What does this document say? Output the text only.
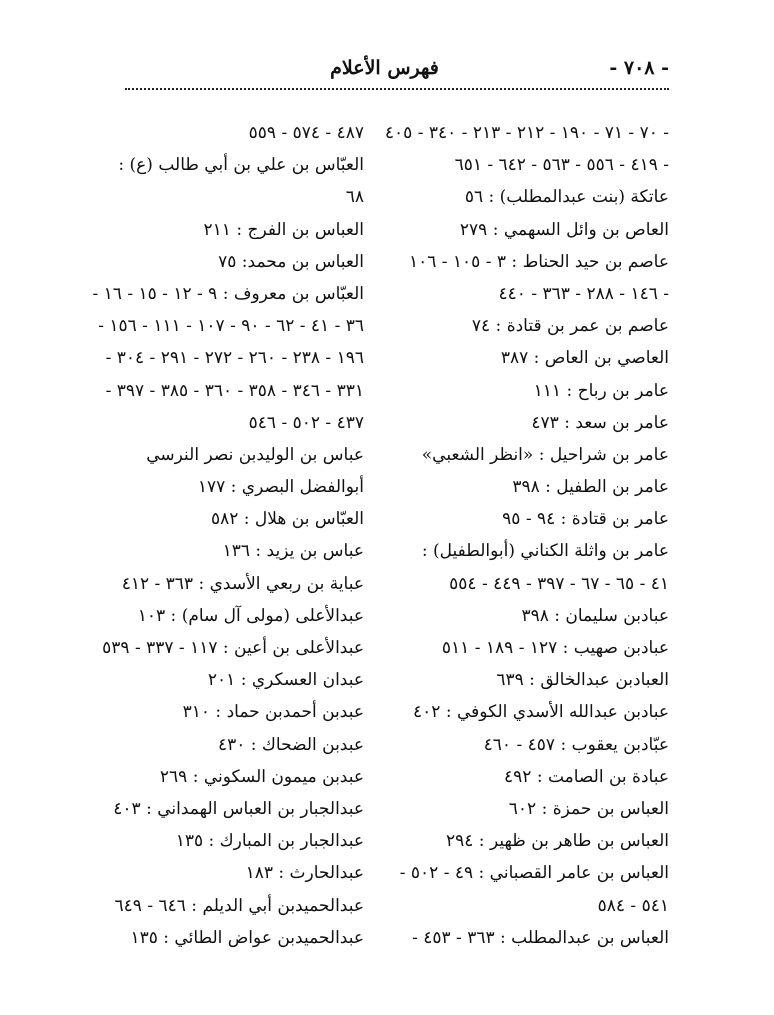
- ٧٠٨ -
فهرس الأعلام
- ٧٠ - ٧١ - ١٩٠ - ٢١٢ - ٢١٣ - ٣٤٠ - ٤٠٥
- ٤١٩ - ٥٥٦ - ٥٦٣ - ٦٤٢ - ٦٥١
عاتكة (بنت عبدالمطلب) : ٥٦
العاص بن وائل السهمي : ٢٧٩
عاصم بن حيد الحناط : ٣ - ١٠٥ - ١٠٦
- ١٤٦ - ٢٨٨ - ٣٦٣ - ٤٤٠
عاصم بن عمر بن قتادة : ٧٤
العاصي بن العاص : ٣٨٧
عامر بن رباح : ١١١
عامر بن سعد : ٤٧٣
عامر بن شراحيل : «انظر الشعبي»
عامر بن الطفيل : ٣٩٨
عامر بن قتادة : ٩٤ - ٩٥
عامر بن واثلة الكناني (أبوالطفيل) :
٤١ - ٦٥ - ٦٧ - ٣٩٧ - ٤٤٩ - ٥٥٤
عبادبن سليمان : ٣٩٨
عبادبن صهيب : ١٢٧ - ١٨٩ - ٥١١
العبادبن عبدالخالق : ٦٣٩
عبادبن عبدالله الأسدي الكوفي : ٤٠٢
عبّادبن يعقوب : ٤٥٧ - ٤٦٠
عبادة بن الصامت : ٤٩٢
العباس بن حمزة : ٦٠٢
العباس بن طاهر بن ظهير : ٢٩٤
العباس بن عامر القصباني : ٤٩ - ٥٠٢ -
٥٤١ - ٥٨٤
العباس بن عبدالمطلب : ٣٦٣ - ٤٥٣ -
٤٨٧ - ٥٧٤ - ٥٥٩
العبّاس بن علي بن أبي طالب (ع) :
٦٨
العباس بن الفرج : ٢١١
العباس بن محمد: ٧٥
العبّاس بن معروف : ٩ - ١٢ - ١٥ - ١٦ -
٣٦ - ٤١ - ٦٢ - ٩٠ - ١٠٧ - ١١١ - ١٥٦ -
١٩٦ - ٢٣٨ - ٢٦٠ - ٢٧٢ - ٢٩١ - ٣٠٤ -
٣٣١ - ٣٤٦ - ٣٥٨ - ٣٦٠ - ٣٨٥ - ٣٩٧ -
٤٣٧ - ٥٠٢ - ٥٤٦
عباس بن الوليدبن نصر النرسي
أبوالفضل البصري : ١٧٧
العبّاس بن هلال : ٥٨٢
عباس بن يزيد : ١٣٦
عباية بن ربعي الأسدي : ٣٦٣ - ٤١٢
عبدالأعلى (مولى آل سام) : ١٠٣
عبدالأعلى بن أعين : ١١٧ - ٣٣٧ - ٥٣٩
عبدان العسكري : ٢٠١
عبدبن أحمدبن حماد : ٣١٠
عبدبن الضحاك : ٤٣٠
عبدبن ميمون السكوني : ٢٦٩
عبدالجبار بن العباس الهمداني : ٤٠٣
عبدالجبار بن المبارك : ١٣٥
عبدالحارث : ١٨٣
عبدالحميدبن أبي الديلم : ٦٤٦ - ٦٤٩
عبدالحميدبن عواض الطائي : ١٣٥
